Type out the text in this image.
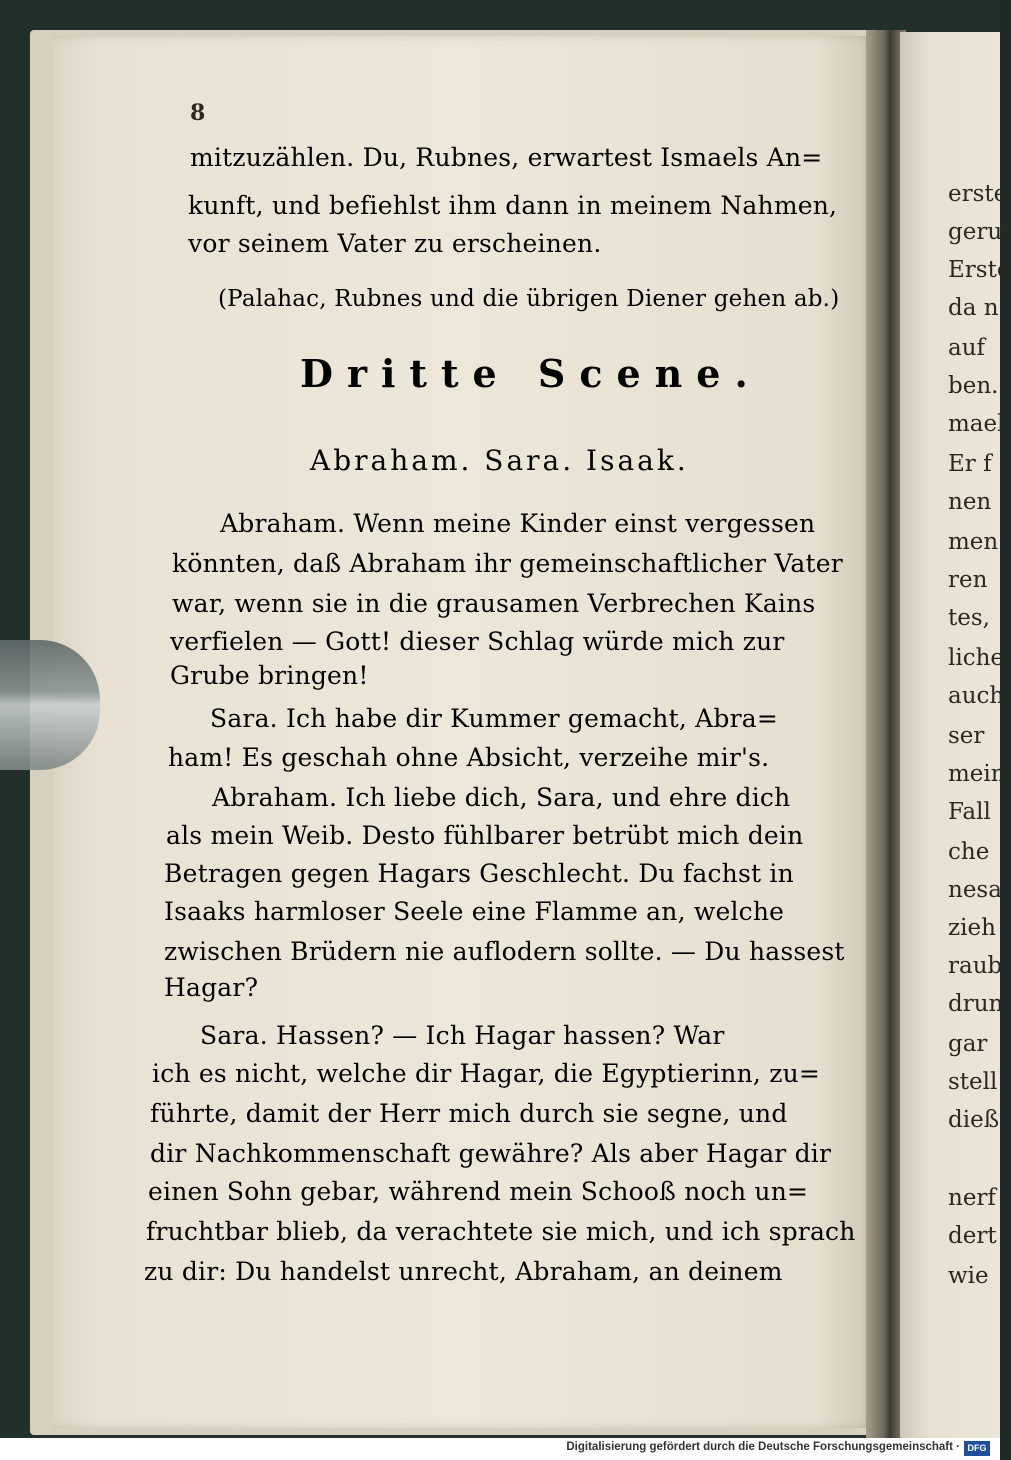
8

mitzuzählen. Du, Rubnes, erwartest Ismaels An=

kunft, und befiehlst ihm dann in meinem Nahmen,

vor seinem Vater zu erscheinen.

(Palahac, Rubnes und die übrigen Diener gehen ab.)

Dritte Scene.

Abraham. Sara. Isaak.

Abraham. Wenn meine Kinder einst vergessen

könnten, daß Abraham ihr gemeinschaftlicher Vater

war, wenn sie in die grausamen Verbrechen Kains

verfielen — Gott! dieser Schlag würde mich zur

Grube bringen!

Sara. Ich habe dir Kummer gemacht, Abra=

ham! Es geschah ohne Absicht, verzeihe mir's.

Abraham. Ich liebe dich, Sara, und ehre dich

als mein Weib. Desto fühlbarer betrübt mich dein

Betragen gegen Hagars Geschlecht. Du fachst in

Isaaks harmloser Seele eine Flamme an, welche

zwischen Brüdern nie auflodern sollte. — Du hassest

Hagar?

Sara. Hassen? — Ich Hagar hassen? War

ich es nicht, welche dir Hagar, die Egyptierinn, zu=

führte, damit der Herr mich durch sie segne, und

dir Nachkommenschaft gewähre? Als aber Hagar dir

einen Sohn gebar, während mein Schooß noch un=

fruchtbar blieb, da verachtete sie mich, und ich sprach

zu dir: Du handelst unrecht, Abraham, an deinem

erste
geruf
Erste
da n
auf
ben.
mael
Er f
nen
men
ren
tes,
liche
auch
ser
mein
Fall
che
nesa
zieh
raub
drun
gar
stell
dieß
nerf
dert
wie
Digitalisierung gefördert durch die Deutsche Forschungsgemeinschaft · DFG
